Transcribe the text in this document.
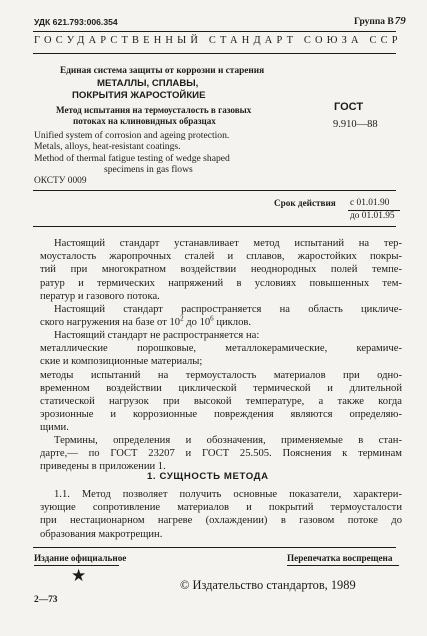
УДК 621.793:006.354	Группа В79
ГОСУДАРСТВЕННЫЙ СТАНДАРТ СОЮЗА ССР
Единая система защиты от коррозии и старения
МЕТАЛЛЫ, СПЛАВЫ,
ПОКРЫТИЯ ЖАРОСТОЙКИЕ
Метод испытания на термоусталость в газовых
потоках на клиновидных образцах
ГОСТ
9.910—88
Unified system of corrosion and ageing protection.
Metals, alloys, heat-resistant coatings.
Method of thermal fatigue testing of wedge shaped
specimens in gas flows
ОКСТУ 0009
Срок действия с 01.01.90
до 01.01.95
Настоящий стандарт устанавливает метод испытаний на тер-
моусталость жаропрочных сталей и сплавов, жаростойких покры-
тий при многократном воздействии неоднородных полей темпе-
ратур и термических напряжений в условиях повышенных тем-
ператур и газового потока.
Настоящий стандарт распространяется на область цикличе-
ского нагружения на базе от $10^2$ до $10^6$ циклов.
Настоящий стандарт не распространяется на:
металлические порошковые, металлокерамические, керамиче-
ские и композиционные материалы;
методы испытаний на термоусталость материалов при одно-
временном воздействии циклической термической и длительной
статической нагрузок при высокой температуре, а также когда
эрозионные и коррозионные повреждения являются определяю-
щими.
Термины, определения и обозначения, применяемые в стан-
дарте,— по ГОСТ 23207 и ГОСТ 25.505. Пояснения к терминам
приведены в приложении 1.
1. СУЩНОСТЬ МЕТОДА
1.1. Метод позволяет получить основные показатели, характери-
зующие сопротивление материалов и покрытий термоусталости
при нестационарном нагреве (охлаждении) в газовом потоке до
образования макротрещин.
Издание официальное	Перепечатка воспрещена
★	© Издательство стандартов, 1989
2—73
